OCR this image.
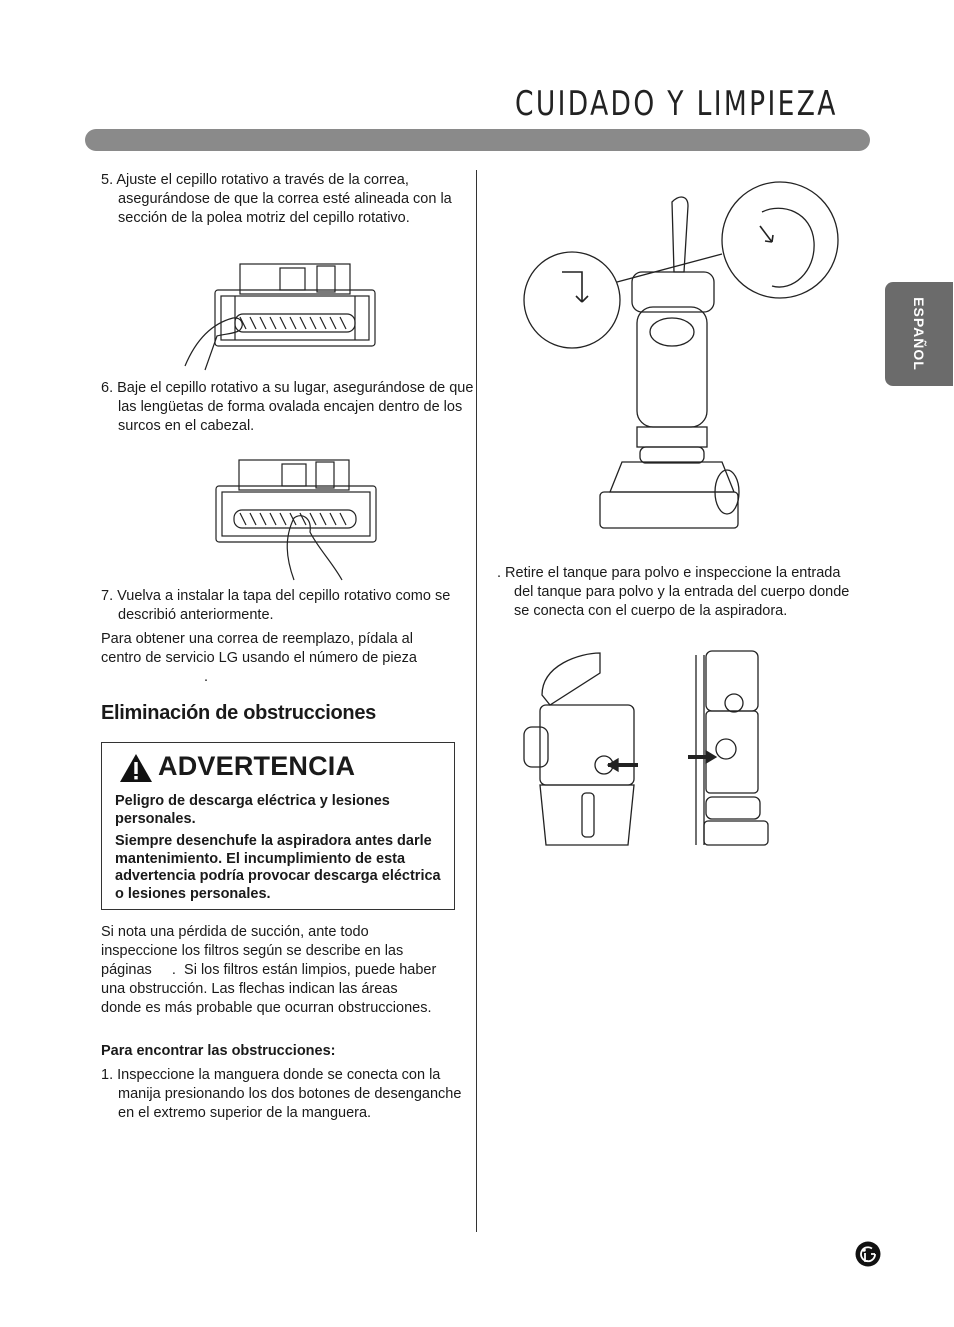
CUIDADO Y LIMPIEZA
ESPAÑOL
5. Ajuste el cepillo rotativo a través de la correa, asegurándose de que la correa esté alineada con la sección de la polea motriz del cepillo rotativo.
6. Baje el cepillo rotativo a su lugar, asegurándose de que las lengüetas de forma ovalada encajen dentro de los surcos en el cabezal.
7. Vuelva a instalar la tapa del cepillo rotativo como se describió anteriormente.
Para obtener una correa de reemplazo, pídala al centro de servicio LG usando el número de pieza
.
Eliminación de obstrucciones
ADVERTENCIA
Peligro de descarga eléctrica y lesiones personales.
Siempre desenchufe la aspiradora antes darle mantenimiento. El incumplimiento de esta advertencia podría provocar descarga eléctrica o lesiones personales.
Si nota una pérdida de succión, ante todo inspeccione los filtros según se describe en las páginas     .  Si los filtros están limpios, puede haber una obstrucción. Las flechas indican las áreas donde es más probable que ocurran obstrucciones.
Para encontrar las obstrucciones:
1. Inspeccione la manguera donde se conecta con la manija presionando los dos botones de desenganche en el extremo superior de la manguera.
. Retire el tanque para polvo e inspeccione la entrada del tanque para polvo y la entrada del cuerpo donde se conecta con el cuerpo de la aspiradora.
